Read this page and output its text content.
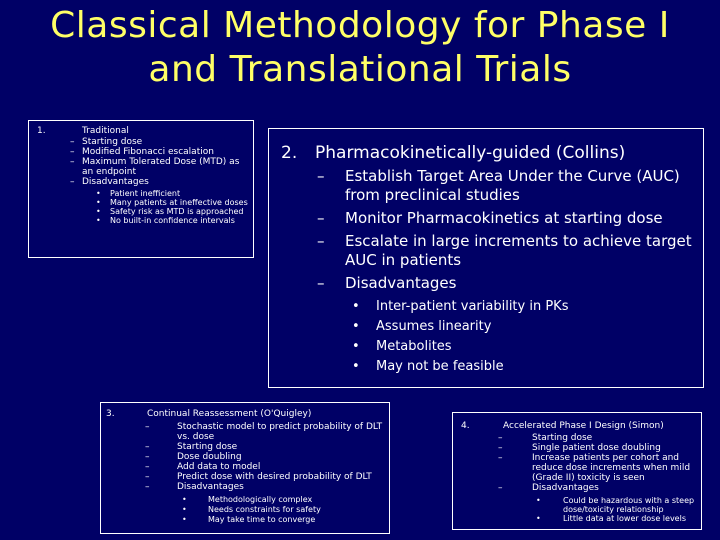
Classical Methodology for Phase I
and Translational Trials
1.	Traditional
– Starting dose
– Modified Fibonacci escalation
– Maximum Tolerated Dose (MTD) as an endpoint
– Disadvantages
• Patient inefficient
• Many patients at ineffective doses
• Safety risk as MTD is approached
• No built-in confidence intervals
2. Pharmacokinetically-guided (Collins)
– Establish Target Area Under the Curve (AUC) from preclinical studies
– Monitor Pharmacokinetics at starting dose
– Escalate in large increments to achieve target AUC in patients
– Disadvantages
• Inter-patient variability in PKs
• Assumes linearity
• Metabolites
• May not be feasible
3.	Continual Reassessment (O'Quigley)
– Stochastic model to predict probability of DLT vs. dose
– Starting dose
– Dose doubling
– Add data to model
– Predict dose with desired probability of DLT
– Disadvantages
• Methodologically complex
• Needs constraints for safety
• May take time to converge
4.	Accelerated Phase I Design (Simon)
– Starting dose
– Single patient dose doubling
– Increase patients per cohort and reduce dose increments when mild (Grade II) toxicity is seen
– Disadvantages
• Could be hazardous with a steep dose/toxicity relationship
• Little data at lower dose levels
